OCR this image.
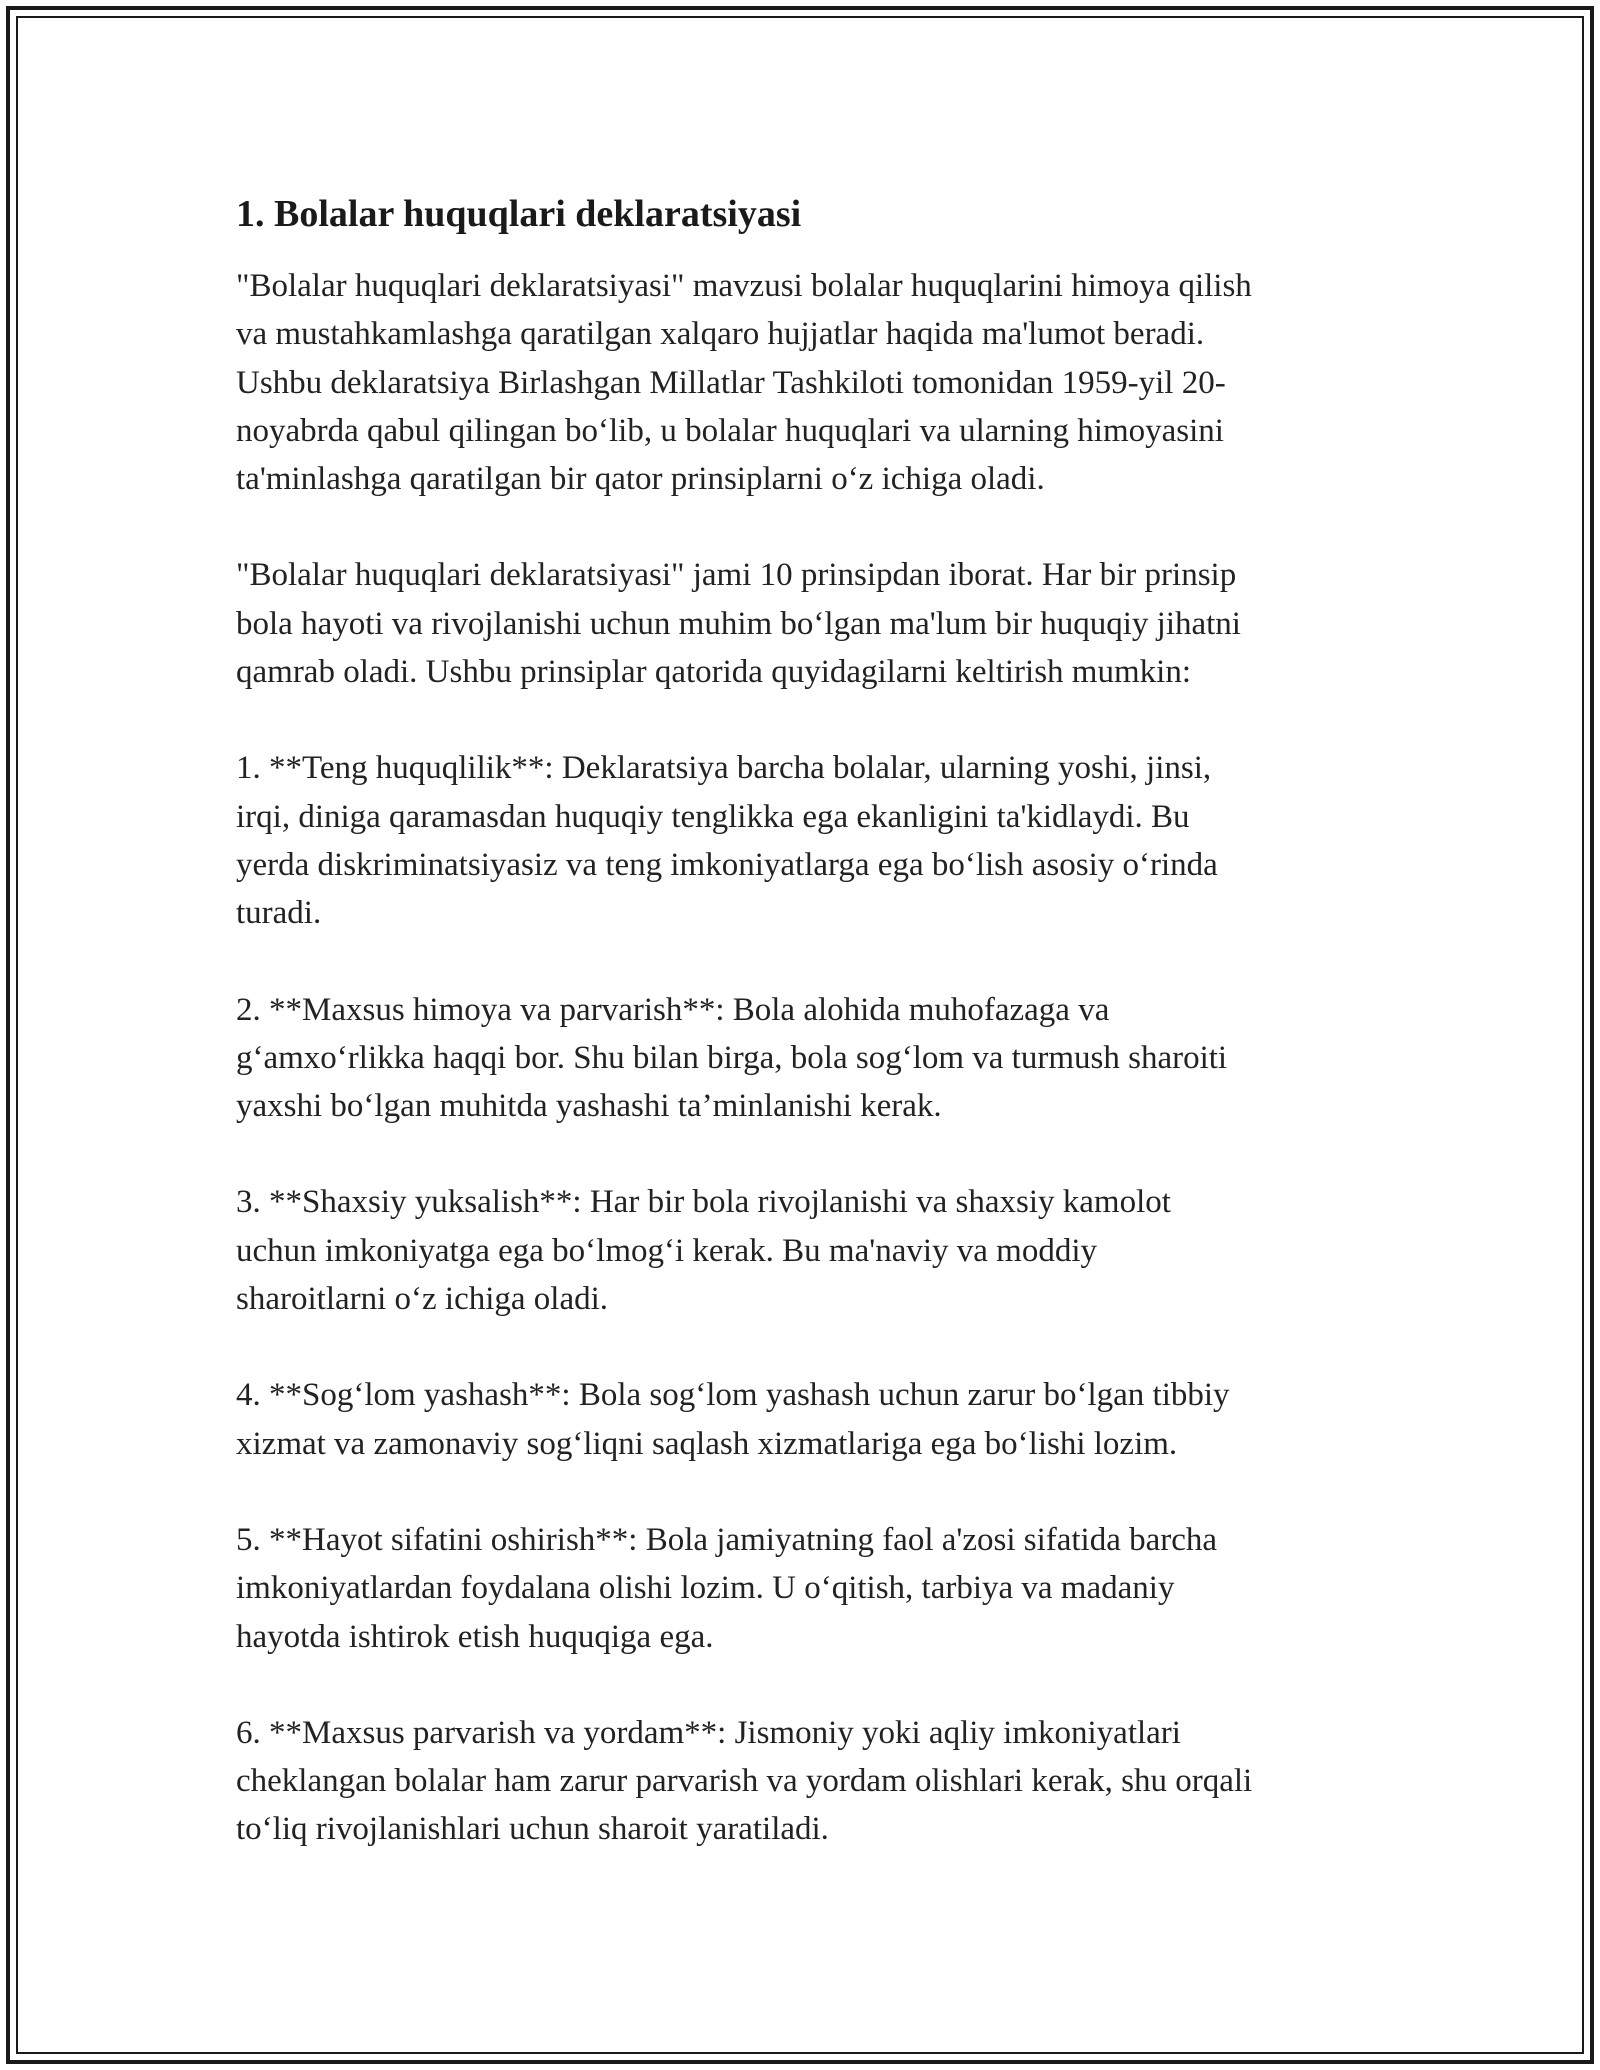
1. Bolalar huquqlari deklaratsiyasi

"Bolalar huquqlari deklaratsiyasi" mavzusi bolalar huquqlarini himoya qilish
va mustahkamlashga qaratilgan xalqaro hujjatlar haqida ma'lumot beradi.
Ushbu deklaratsiya Birlashgan Millatlar Tashkiloti tomonidan 1959-yil 20-
noyabrda qabul qilingan bo‘lib, u bolalar huquqlari va ularning himoyasini
ta'minlashga qaratilgan bir qator prinsiplarni o‘z ichiga oladi.

"Bolalar huquqlari deklaratsiyasi" jami 10 prinsipdan iborat. Har bir prinsip
bola hayoti va rivojlanishi uchun muhim bo‘lgan ma'lum bir huquqiy jihatni
qamrab oladi. Ushbu prinsiplar qatorida quyidagilarni keltirish mumkin:

1. **Teng huquqlilik**: Deklaratsiya barcha bolalar, ularning yoshi, jinsi,
irqi, diniga qaramasdan huquqiy tenglikka ega ekanligini ta'kidlaydi. Bu
yerda diskriminatsiyasiz va teng imkoniyatlarga ega bo‘lish asosiy o‘rinda
turadi.

2. **Maxsus himoya va parvarish**: Bola alohida muhofazaga va
g‘amxo‘rlikka haqqi bor. Shu bilan birga, bola sog‘lom va turmush sharoiti
yaxshi bo‘lgan muhitda yashashi ta’minlanishi kerak.

3. **Shaxsiy yuksalish**: Har bir bola rivojlanishi va shaxsiy kamolot
uchun imkoniyatga ega bo‘lmog‘i kerak. Bu ma'naviy va moddiy
sharoitlarni o‘z ichiga oladi.

4. **Sog‘lom yashash**: Bola sog‘lom yashash uchun zarur bo‘lgan tibbiy
xizmat va zamonaviy sog‘liqni saqlash xizmatlariga ega bo‘lishi lozim.

5. **Hayot sifatini oshirish**: Bola jamiyatning faol a'zosi sifatida barcha
imkoniyatlardan foydalana olishi lozim. U o‘qitish, tarbiya va madaniy
hayotda ishtirok etish huquqiga ega.

6. **Maxsus parvarish va yordam**: Jismoniy yoki aqliy imkoniyatlari
cheklangan bolalar ham zarur parvarish va yordam olishlari kerak, shu orqali
to‘liq rivojlanishlari uchun sharoit yaratiladi.
